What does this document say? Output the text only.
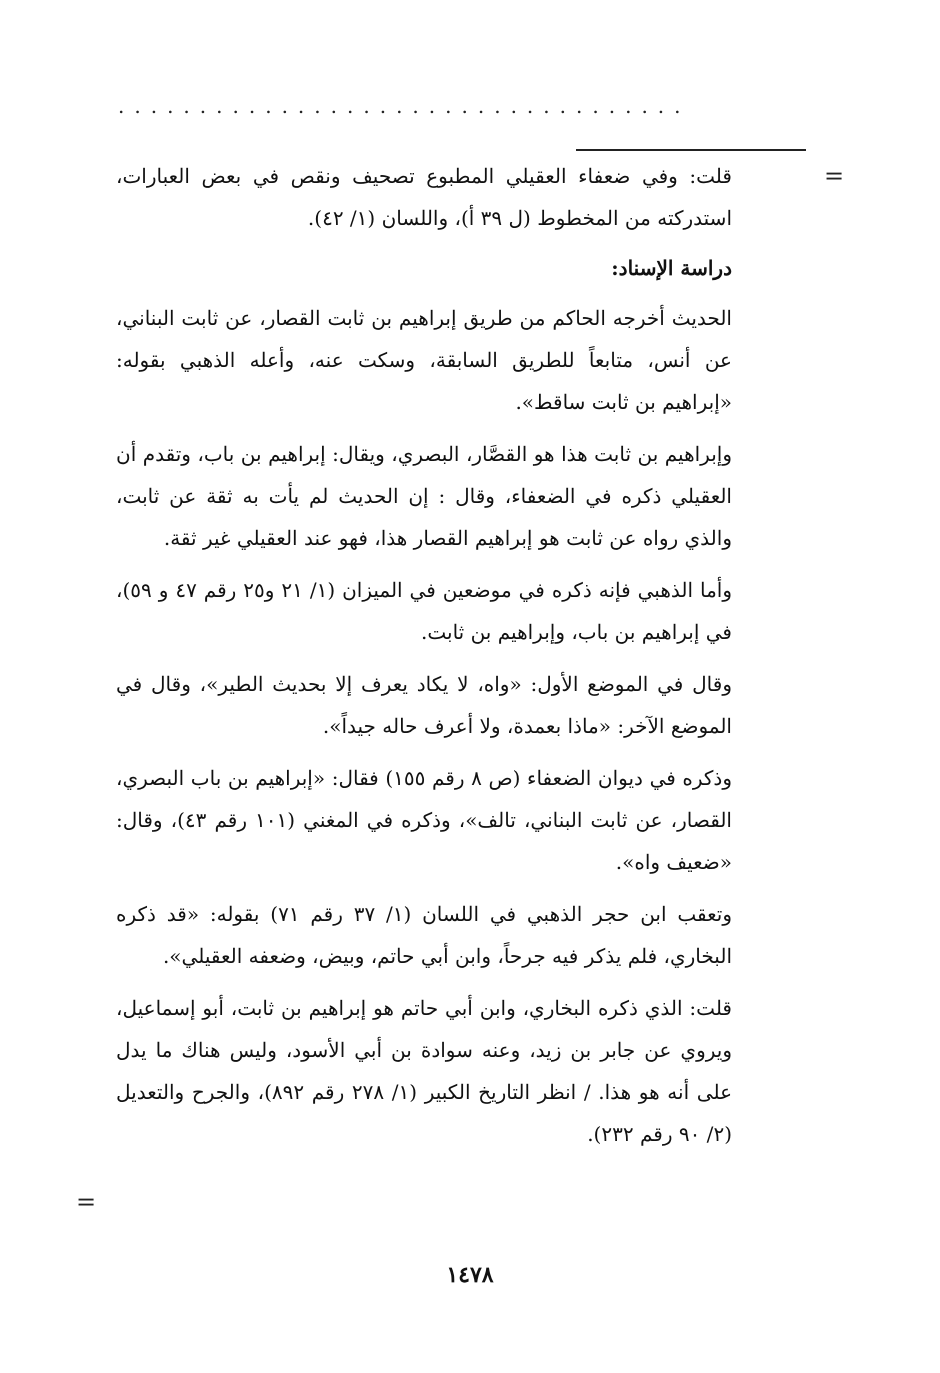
...................................
=

قلت: وفي ضعفاء العقيلي المطبوع تصحيف ونقص في بعض العبارات، استدركته من المخطوط (ل ٣٩ أ)، واللسان (١/ ٤٢).

دراسة الإسناد:

الحديث أخرجه الحاكم من طريق إبراهيم بن ثابت القصار، عن ثابت البناني، عن أنس، متابعاً للطريق السابقة، وسكت عنه، وأعله الذهبي بقوله: «إبراهيم بن ثابت ساقط».

وإبراهيم بن ثابت هذا هو القصَّار، البصري، ويقال: إبراهيم بن باب، وتقدم أن العقيلي ذكره في الضعفاء، وقال : إن الحديث لم يأت به ثقة عن ثابت، والذي رواه عن ثابت هو إبراهيم القصار هذا، فهو عند العقيلي غير ثقة.

وأما الذهبي فإنه ذكره في موضعين في الميزان (١/ ٢١ و٢٥ رقم ٤٧ و ٥٩)، في إبراهيم بن باب، وإبراهيم بن ثابت.

وقال في الموضع الأول: «واه، لا يكاد يعرف إلا بحديث الطير»، وقال في الموضع الآخر: «ماذا بعمدة، ولا أعرف حاله جيداً».

وذكره في ديوان الضعفاء (ص ٨ رقم ١٥٥) فقال: «إبراهيم بن باب البصري، القصار، عن ثابت البناني، تالف»، وذكره في المغني (١٠١ رقم ٤٣)، وقال: «ضعيف واه».

وتعقب ابن حجر الذهبي في اللسان (١/ ٣٧ رقم ٧١) بقوله: «قد ذكره البخاري، فلم يذكر فيه جرحاً، وابن أبي حاتم، وبيض، وضعفه العقيلي».

قلت: الذي ذكره البخاري، وابن أبي حاتم هو إبراهيم بن ثابت، أبو إسماعيل، ويروي عن جابر بن زيد، وعنه سوادة بن أبي الأسود، وليس هناك ما يدل على أنه هو هذا. / انظر التاريخ الكبير (١/ ٢٧٨ رقم ٨٩٢)، والجرح والتعديل (٢/ ٩٠ رقم ٢٣٢).

=
١٤٧٨
